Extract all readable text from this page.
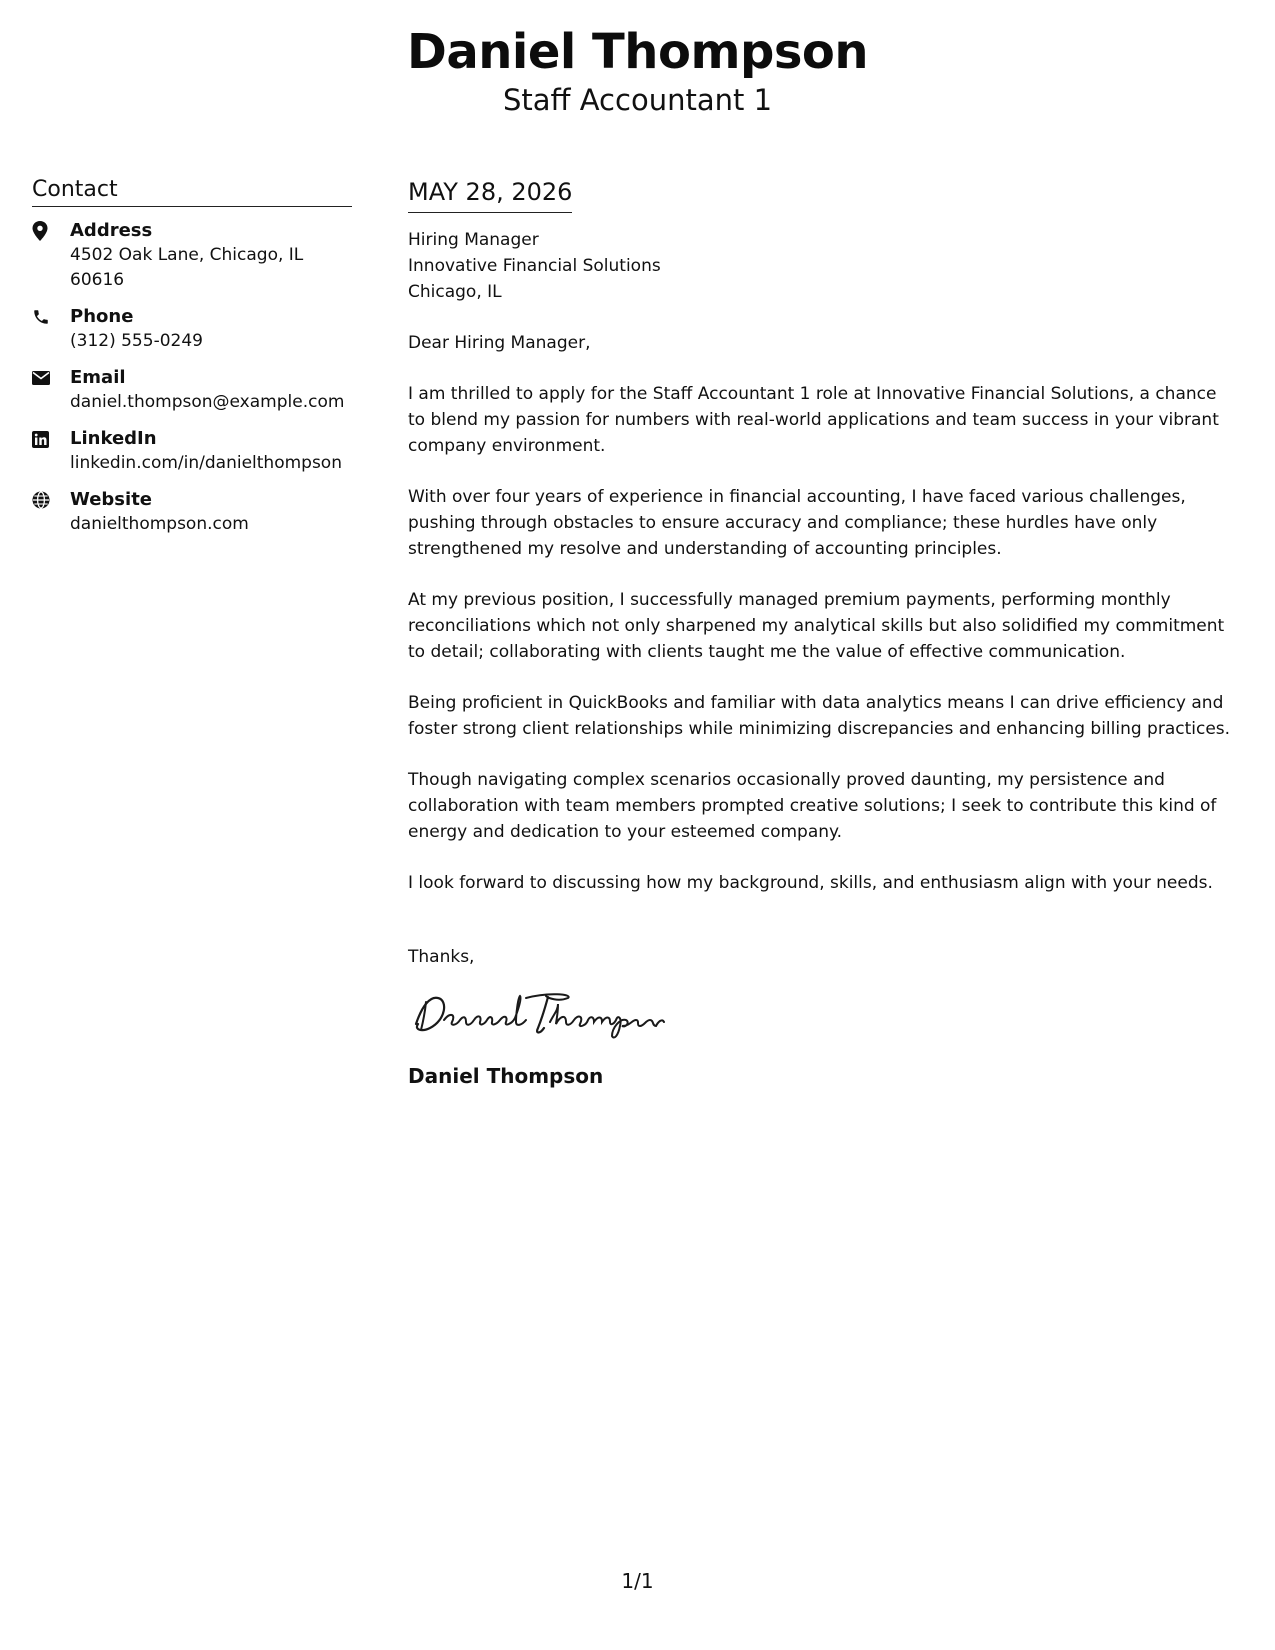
Daniel Thompson
Staff Accountant 1
Contact
Address
4502 Oak Lane, Chicago, IL 60616
Phone
(312) 555-0249
Email
daniel.thompson@example.com
LinkedIn
linkedin.com/in/danielthompson
Website
danielthompson.com
MAY 28, 2026
Hiring Manager
Innovative Financial Solutions
Chicago, IL
Dear Hiring Manager,
I am thrilled to apply for the Staff Accountant 1 role at Innovative Financial Solutions, a chance to blend my passion for numbers with real-world applications and team success in your vibrant company environment.
With over four years of experience in financial accounting, I have faced various challenges, pushing through obstacles to ensure accuracy and compliance; these hurdles have only strengthened my resolve and understanding of accounting principles.
At my previous position, I successfully managed premium payments, performing monthly reconciliations which not only sharpened my analytical skills but also solidified my commitment to detail; collaborating with clients taught me the value of effective communication.
Being proficient in QuickBooks and familiar with data analytics means I can drive efficiency and foster strong client relationships while minimizing discrepancies and enhancing billing practices.
Though navigating complex scenarios occasionally proved daunting, my persistence and collaboration with team members prompted creative solutions; I seek to contribute this kind of energy and dedication to your esteemed company.
I look forward to discussing how my background, skills, and enthusiasm align with your needs.
Thanks,
Daniel Thompson
1/1
